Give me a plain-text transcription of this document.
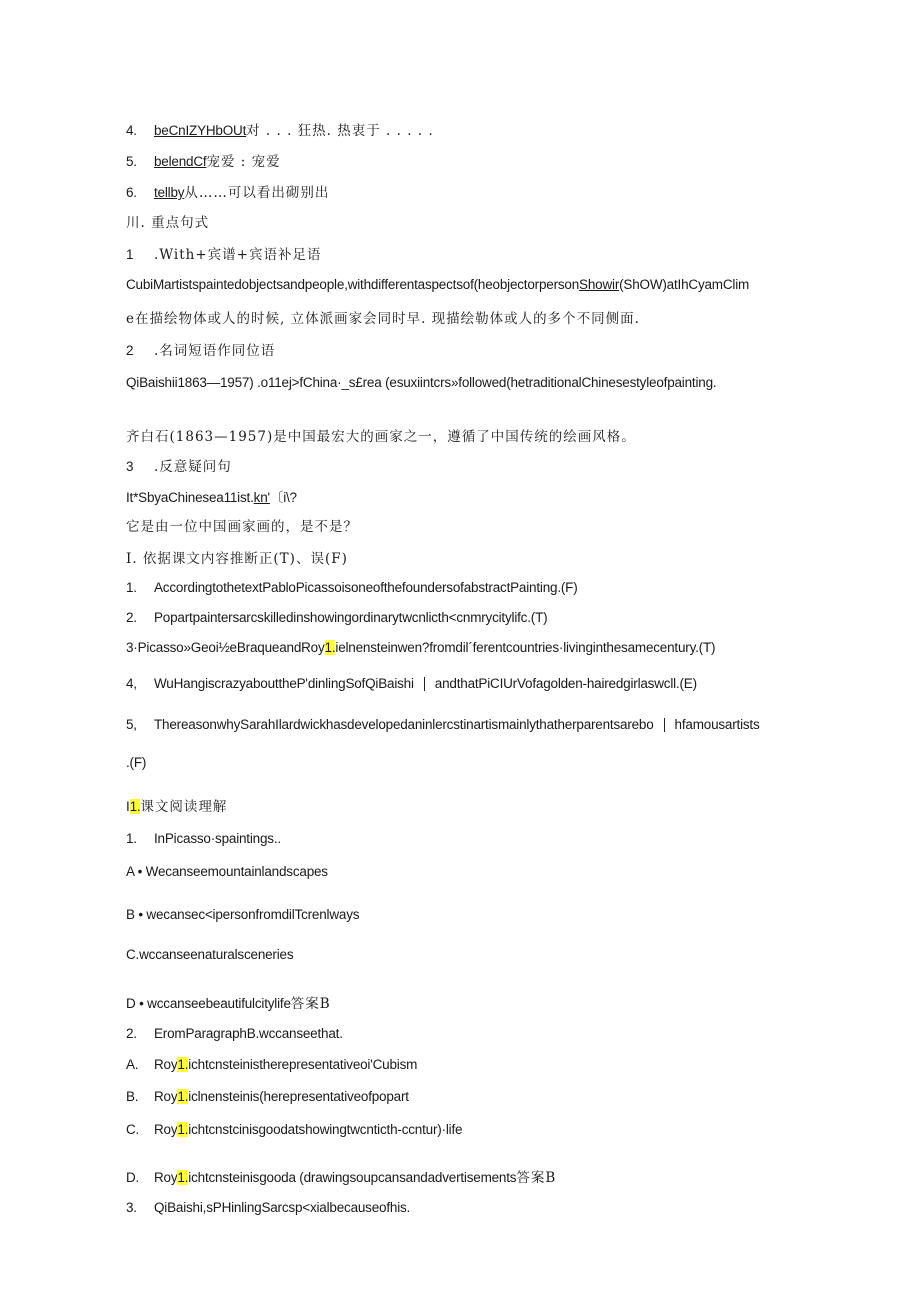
4. beCnIZYHbOUt对 . . . 狂热. 热衷于 . . . . .
5. belendCf宠爱 : 宠爱
6. tellby从……可以看出砌别出
川. 重点句式
1 .With+宾谱+宾语补足语
CubiMartistspaintedobjectsandpeople,withdifferentaspectsof(heobjectorpersonShowir(ShOW)atIhCyamClim
e在描绘物体或人的时候, 立体派画家会同时早. 现描绘勒体或人的多个不同侧面.
2 .名词短语作同位语
QiBaishii1863—1957) .o11ej>fChina·_s£rea (esuxiintcrs»followed(hetraditionalChinesestyleofpainting.
齐白石(1863—1957)是中国最宏大的画家之一，遵循了中国传统的绘画风格。
3 .反意疑问句
It*SbyaChinesea11ist.kn'〔i\?
它是由一位中国画家画的，是不是？
I. 依据课文内容推断正(T)、误(F)
1. AccordingtothetextPabloPicassoisoneofthefoundersofabstractPainting.(F)
2. Popartpaintersarcskilledinshowingordinarytwcnlicth<cnmrycitylifc.(T)
3·Picasso»Geoi½eBraqueandRoy1.ielnensteinwen?fromdil´ferentcountries·livinginthesamecentury.(T)
4, WuHangiscrazyabouttheP'dinlingSofQiBaishi andthatPiCIUrVofagolden-hairedgirlaswcll.(E)
5, ThereasonwhySarahIlardwickhasdevelopedaninlercstinartismainlythatherparentsarebo hfamousartists
.(F)
I1.课文阅读理解
1. InPicasso·spaintings..
A • Wecanseemountainlandscapes
B • wecansec<ipersonfromdilTcrenlways
C.wccanseenaturalsceneries
D • wccanseebeautifulcitylife答案B
2. EromParagraphB.wccanseethat.
A. Roy1.ichtcnsteinistherepresentativeoi'Cubism
B. Roy1.iclnensteinis(herepresentativeofpopart
C. Roy1.ichtcnstcinisgoodatshowingtwcnticth-ccntur)·life
D. Roy1.ichtcnsteinisgooda (drawingsoupcansandadvertisements答案B
3. QiBaishi,sPHinlingSarcsp<xialbecauseofhis.
